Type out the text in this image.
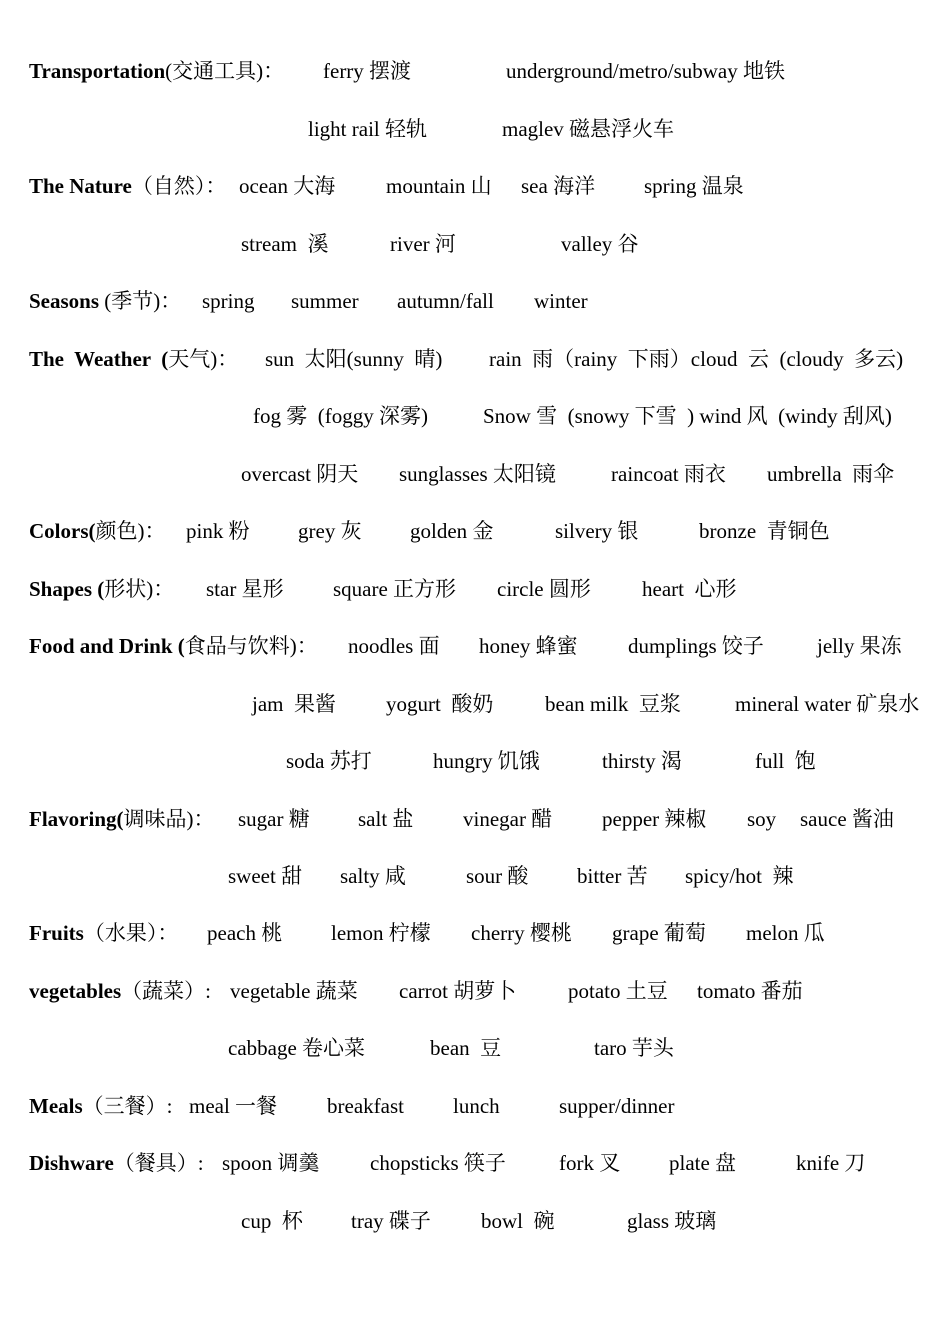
Transportation(交通工具)： ferry 摆渡	underground/metro/subway 地铁
light rail 轻轨	maglev 磁悬浮火车
The Nature（自然）： ocean 大海 mountain 山 sea 海洋 spring 温泉
stream  溪	river 河	valley 谷
Seasons (季节)： spring summer autumn/fall winter
The  Weather  (天气)： sun  太阳(sunny  晴) rain  雨（rainy  下雨）cloud  云  (cloudy  多云)
fog 雾  (foggy 深雾)	Snow 雪  (snowy 下雪  ) wind 风  (windy 刮风)
overcast 阴天 sunglasses 太阳镜	raincoat 雨衣 umbrella  雨伞
Colors(颜色)： pink 粉 grey 灰 golden 金	silvery 银	bronze  青铜色
Shapes (形状)： star 星形 square 正方形 circle 圆形 heart  心形
Food and Drink (食品与饮料)： noodles 面 honey 蜂蜜 dumplings 饺子	jelly 果冻
jam  果酱 yogurt  酸奶 bean milk  豆浆	mineral water 矿泉水
soda 苏打	hungry 饥饿	thirsty 渴	full  饱
Flavoring(调味品)： sugar 糖 salt 盐 vinegar 醋 pepper 辣椒 soy sauce 酱油
sweet 甜 salty 咸	sour 酸 bitter 苦 spicy/hot  辣
Fruits（水果）： peach 桃 lemon 柠檬 cherry 樱桃 grape 葡萄 melon 瓜
vegetables（蔬菜）: vegetable 蔬菜 carrot 胡萝卜 potato 土豆 tomato 番茄
cabbage 卷心菜	bean  豆	taro 芋头
Meals（三餐）: meal 一餐 breakfast lunch	supper/dinner
Dishware（餐具）: spoon 调羹 chopsticks 筷子	fork 叉 plate 盘	knife 刀
cup  杯 tray 碟子 bowl  碗	glass 玻璃
